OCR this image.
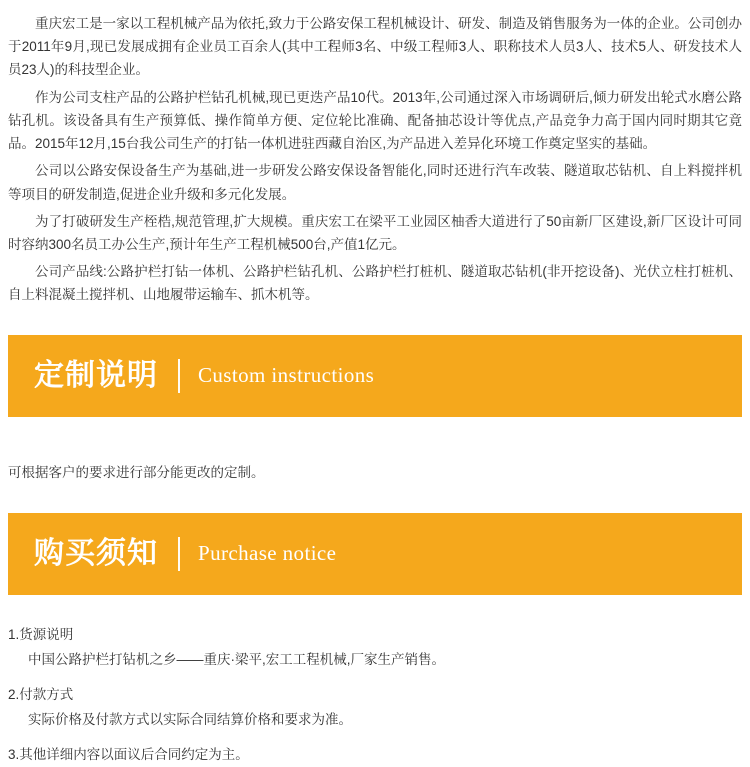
重庆宏工是一家以工程机械产品为依托,致力于公路安保工程机械设计、研发、制造及销售服务为一体的企业。公司创办于2011年9月,现已发展成拥有企业员工百余人(其中工程师3名、中级工程师3人、职称技术人员3人、技术5人、研发技术人员23人)的科技型企业。

作为公司支柱产品的公路护栏钻孔机械,现已更迭产品10代。2013年,公司通过深入市场调研后,倾力研发出轮式水磨公路钻孔机。该设备具有生产预算低、操作简单方便、定位轮比准确、配备抽芯设计等优点,产品竞争力高于国内同时期其它竟品。2015年12月,15台我公司生产的打钻一体机进驻西藏自治区,为产品进入差异化环境工作奠定坚实的基础。

公司以公路安保设备生产为基础,进一步研发公路安保设备智能化,同时还进行汽车改装、隧道取芯钻机、自上料搅拌机等项目的研发制造,促进企业升级和多元化发展。

为了打破研发生产桎梏,规范管理,扩大规模。重庆宏工在梁平工业园区柚香大道进行了50亩新厂区建设,新厂区设计可同时容纳300名员工办公生产,预计年生产工程机械500台,产值1亿元。

公司产品线:公路护栏打钻一体机、公路护栏钻孔机、公路护栏打桩机、隧道取芯钻机(非开挖设备)、光伏立柱打桩机、自上料混凝土搅拌机、山地履带运输车、抓木机等。

定制说明 Custom instructions
可根据客户的要求进行部分能更改的定制。
购买须知 Purchase notice
1.货源说明
中国公路护栏打钻机之乡——重庆·梁平,宏工工程机械,厂家生产销售。
2.付款方式
实际价格及付款方式以实际合同结算价格和要求为准。
3.其他详细内容以面议后合同约定为主。
